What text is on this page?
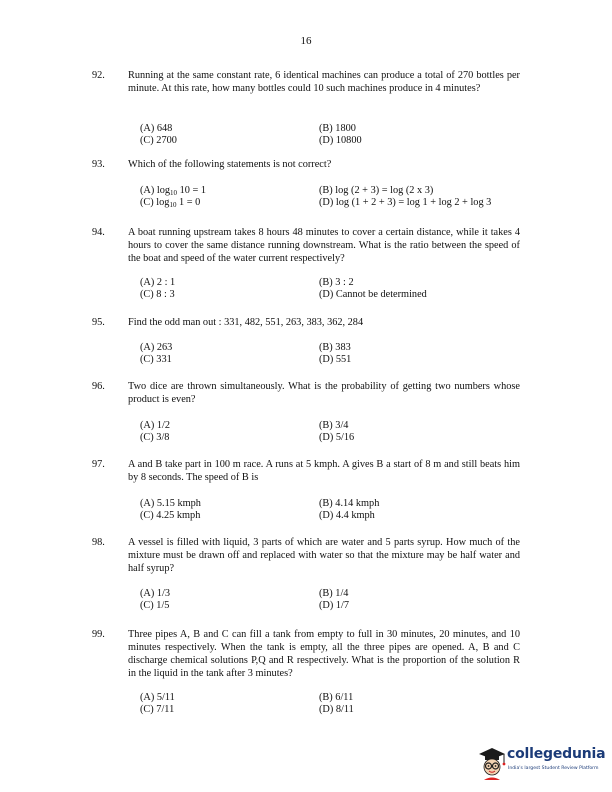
16
92.	Running at the same constant rate, 6 identical machines can produce a total of 270 bottles per minute. At this rate, how many bottles could 10 such machines produce in 4 minutes?
(A) 648	(B) 1800
(C) 2700	(D) 10800
93.	Which of the following statements is not correct?
(A) $\log_{10} 10 = 1$	(B) log (2 + 3) = log (2 x 3)
(C) $\log_{10} 1 = 0$	(D) log (1 + 2 + 3) = log 1 + log 2 + log 3
94.	A boat running upstream takes 8 hours 48 minutes to cover a certain distance, while it takes 4 hours to cover the same distance running downstream. What is the ratio between the speed of the boat and speed of the water current respectively?
(A) 2 : 1	(B) 3 : 2
(C) 8 : 3	(D) Cannot be determined
95.	Find the odd man out : 331, 482, 551, 263, 383, 362, 284
(A) 263	(B) 383
(C) 331	(D) 551
96.	Two dice are thrown simultaneously. What is the probability of getting two numbers whose product is even?
(A) 1/2	(B) 3/4
(C) 3/8	(D) 5/16
97.	A and B take part in 100 m race. A runs at 5 kmph. A gives B a start of 8 m and still beats him by 8 seconds. The speed of B is
(A) 5.15 kmph	(B) 4.14 kmph
(C) 4.25 kmph	(D) 4.4 kmph
98.	A vessel is filled with liquid, 3 parts of which are water and 5 parts syrup. How much of the mixture must be drawn off and replaced with water so that the mixture may be half water and half syrup?
(A) 1/3	(B) 1/4
(C) 1/5	(D) 1/7
99.	Three pipes A, B and C can fill a tank from empty to full in 30 minutes, 20 minutes, and 10 minutes respectively. When the tank is empty, all the three pipes are opened. A, B and C discharge chemical solutions P,Q and R respectively. What is the proportion of the solution R in the liquid in the tank after 3 minutes?
(A) 5/11	(B) 6/11
(C) 7/11	(D) 8/11
collegedunia
India's largest Student Review Platform
